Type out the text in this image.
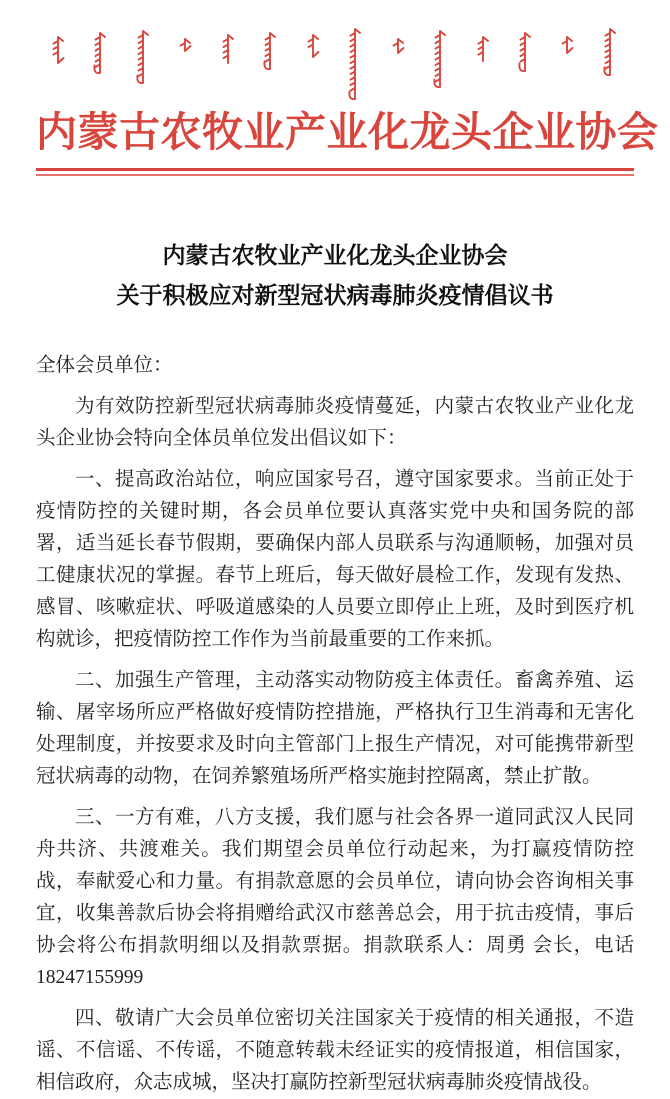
内蒙古农牧业产业化龙头企业协会
内蒙古农牧业产业化龙头企业协会
关于积极应对新型冠状病毒肺炎疫情倡议书

全体会员单位：

为有效防控新型冠状病毒肺炎疫情蔓延，内蒙古农牧业产业化龙头企业协会特向全体员单位发出倡议如下：

一、提高政治站位，响应国家号召，遵守国家要求。当前正处于疫情防控的关键时期，各会员单位要认真落实党中央和国务院的部署，适当延长春节假期，要确保内部人员联系与沟通顺畅，加强对员工健康状况的掌握。春节上班后，每天做好晨检工作，发现有发热、感冒、咳嗽症状、呼吸道感染的人员要立即停止上班，及时到医疗机构就诊，把疫情防控工作作为当前最重要的工作来抓。

二、加强生产管理，主动落实动物防疫主体责任。畜禽养殖、运输、屠宰场所应严格做好疫情防控措施，严格执行卫生消毒和无害化处理制度，并按要求及时向主管部门上报生产情况，对可能携带新型冠状病毒的动物，在饲养繁殖场所严格实施封控隔离，禁止扩散。

三、一方有难，八方支援，我们愿与社会各界一道同武汉人民同舟共济、共渡难关。我们期望会员单位行动起来，为打赢疫情防控战，奉献爱心和力量。有捐款意愿的会员单位，请向协会咨询相关事宜，收集善款后协会将捐赠给武汉市慈善总会，用于抗击疫情，事后协会将公布捐款明细以及捐款票据。捐款联系人：周勇 会长，电话 18247155999

四、敬请广大会员单位密切关注国家关于疫情的相关通报，不造谣、不信谣、不传谣，不随意转载未经证实的疫情报道，相信国家，相信政府，众志成城，坚决打赢防控新型冠状病毒肺炎疫情战役。
